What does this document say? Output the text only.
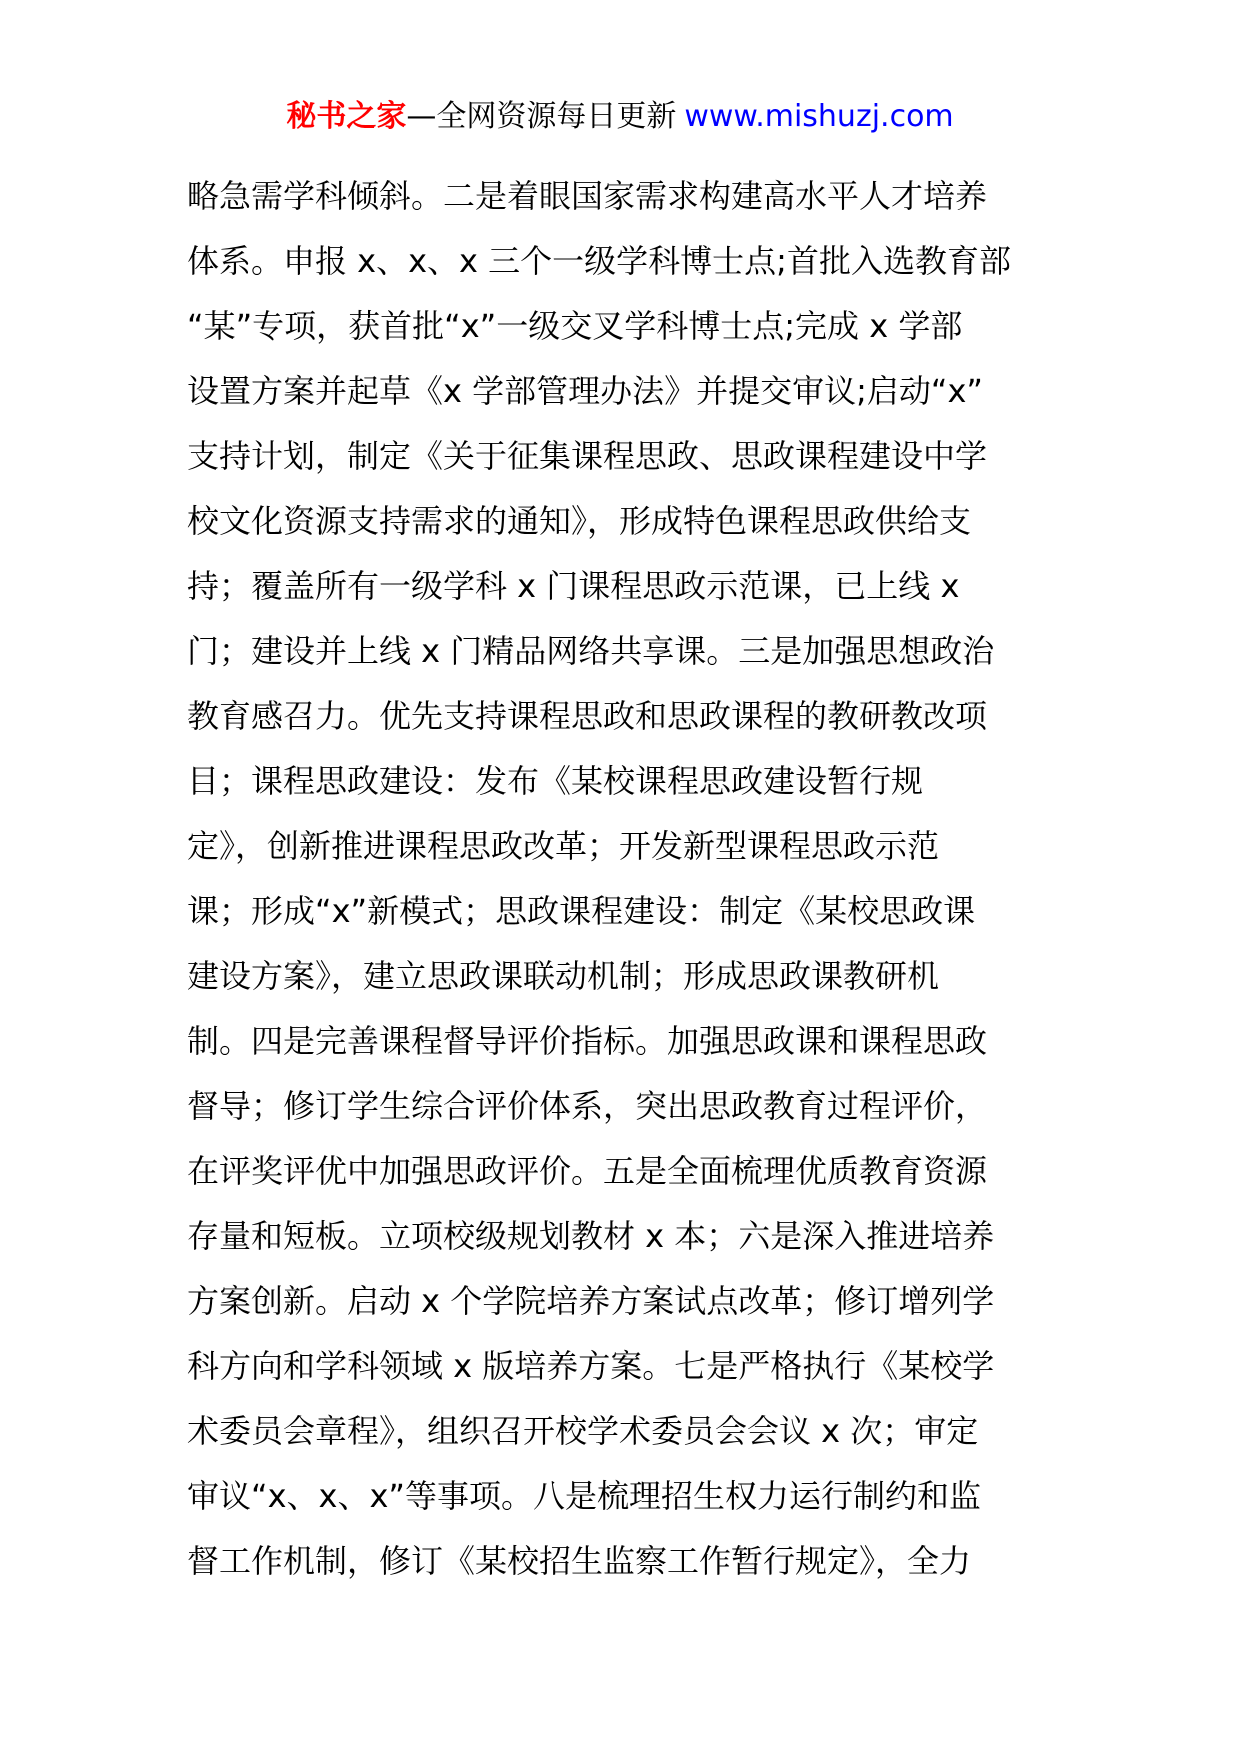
秘书之家—全网资源每日更新 www.mishuzj.com
略急需学科倾斜。二是着眼国家需求构建高水平人才培养
体系。申报 x、x、x 三个一级学科博士点;首批入选教育部
“某”专项，获首批“x”一级交叉学科博士点;完成 x 学部
设置方案并起草《x 学部管理办法》并提交审议;启动“x”
支持计划，制定《关于征集课程思政、思政课程建设中学
校文化资源支持需求的通知》，形成特色课程思政供给支
持；覆盖所有一级学科 x 门课程思政示范课，已上线 x
门；建设并上线 x 门精品网络共享课。三是加强思想政治
教育感召力。优先支持课程思政和思政课程的教研教改项
目；课程思政建设：发布《某校课程思政建设暂行规
定》，创新推进课程思政改革；开发新型课程思政示范
课；形成“x”新模式；思政课程建设：制定《某校思政课
建设方案》，建立思政课联动机制；形成思政课教研机
制。四是完善课程督导评价指标。加强思政课和课程思政
督导；修订学生综合评价体系，突出思政教育过程评价，
在评奖评优中加强思政评价。五是全面梳理优质教育资源
存量和短板。立项校级规划教材 x 本；六是深入推进培养
方案创新。启动 x 个学院培养方案试点改革；修订增列学
科方向和学科领域 x 版培养方案。七是严格执行《某校学
术委员会章程》，组织召开校学术委员会会议 x 次；审定
审议“x、x、x”等事项。八是梳理招生权力运行制约和监
督工作机制，修订《某校招生监察工作暂行规定》，全力
